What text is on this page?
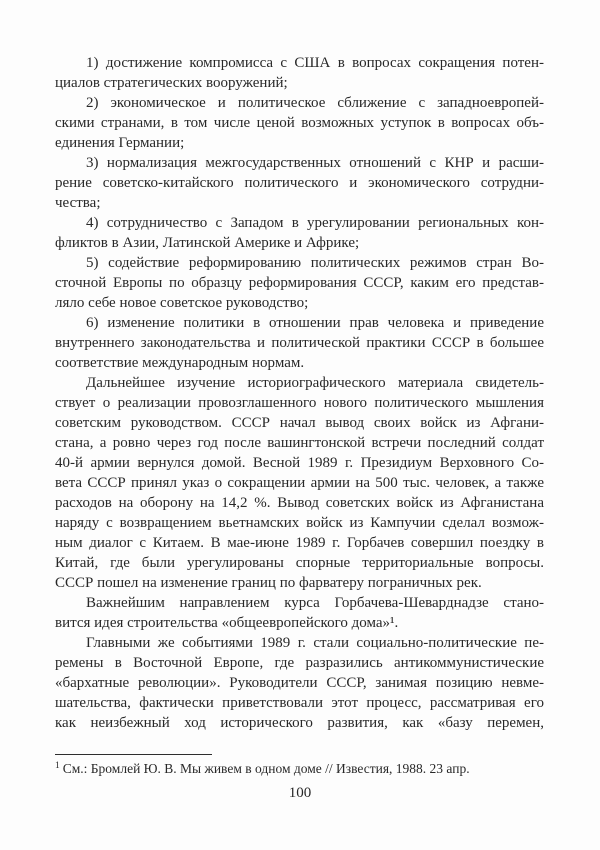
1) достижение компромисса с США в вопросах сокращения потен-
циалов стратегических вооружений;
2) экономическое и политическое сближение с западноевропей-
скими странами, в том числе ценой возможных уступок в вопросах объ-
единения Германии;
3) нормализация межгосударственных отношений с КНР и расши-
рение советско-китайского политического и экономического сотрудни-
чества;
4) сотрудничество с Западом в урегулировании региональных кон-
фликтов в Азии, Латинской Америке и Африке;
5) содействие реформированию политических режимов стран Во-
сточной Европы по образцу реформирования СССР, каким его представ-
ляло себе новое советское руководство;
6) изменение политики в отношении прав человека и приведение
внутреннего законодательства и политической практики СССР в большее
соответствие международным нормам.
Дальнейшее изучение историографического материала свидетель-
ствует о реализации провозглашенного нового политического мышления
советским руководством. СССР начал вывод своих войск из Афгани-
стана, а ровно через год после вашингтонской встречи последний солдат
40-й армии вернулся домой. Весной 1989 г. Президиум Верховного Со-
вета СССР принял указ о сокращении армии на 500 тыс. человек, а также
расходов на оборону на 14,2 %. Вывод советских войск из Афганистана
наряду с возвращением вьетнамских войск из Кампучии сделал возмож-
ным диалог с Китаем. В мае-июне 1989 г. Горбачев совершил поездку в
Китай, где были урегулированы спорные территориальные вопросы.
СССР пошел на изменение границ по фарватеру пограничных рек.
Важнейшим направлением курса Горбачева-Шеварднадзе стано-
вится идея строительства «общеевропейского дома»¹.
Главными же событиями 1989 г. стали социально-политические пе-
ремены в Восточной Европе, где разразились антикоммунистические
«бархатные революции». Руководители СССР, занимая позицию невме-
шательства, фактически приветствовали этот процесс, рассматривая его
как неизбежный ход исторического развития, как «базу перемен,
$^1$ См.: Бромлей Ю. В. Мы живем в одном доме // Известия, 1988. 23 апр.
100
